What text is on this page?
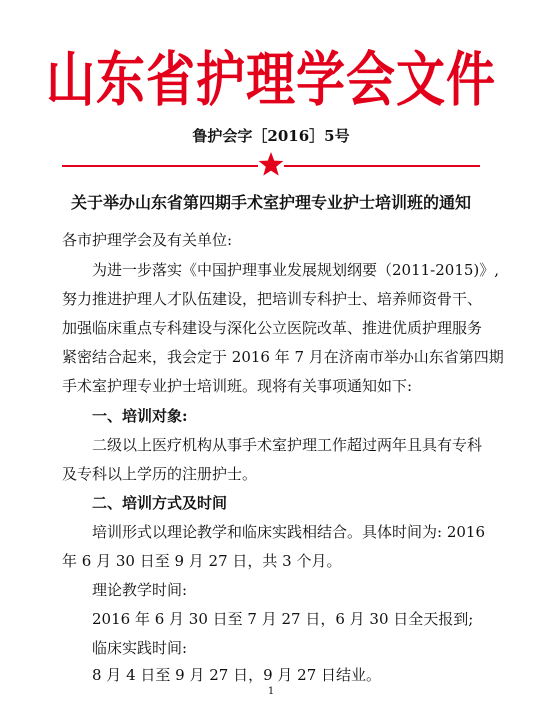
山东省护理学会文件
鲁护会字［2016］5号
关于举办山东省第四期手术室护理专业护士培训班的通知
各市护理学会及有关单位:
为进一步落实《中国护理事业发展规划纲要（2011-2015)》,
努力推进护理人才队伍建设，把培训专科护士、培养师资骨干、
加强临床重点专科建设与深化公立医院改革、推进优质护理服务
紧密结合起来，我会定于 2016 年 7 月在济南市举办山东省第四期
手术室护理专业护士培训班。现将有关事项通知如下:
一、培训对象:
二级以上医疗机构从事手术室护理工作超过两年且具有专科
及专科以上学历的注册护士。
二、培训方式及时间
培训形式以理论教学和临床实践相结合。具体时间为: 2016
年 6 月 30 日至 9 月 27 日，共 3 个月。
理论教学时间:
2016 年 6 月 30 日至 7 月 27 日，6 月 30 日全天报到;
临床实践时间:
8 月 4 日至 9 月 27 日，9 月 27 日结业。
1
